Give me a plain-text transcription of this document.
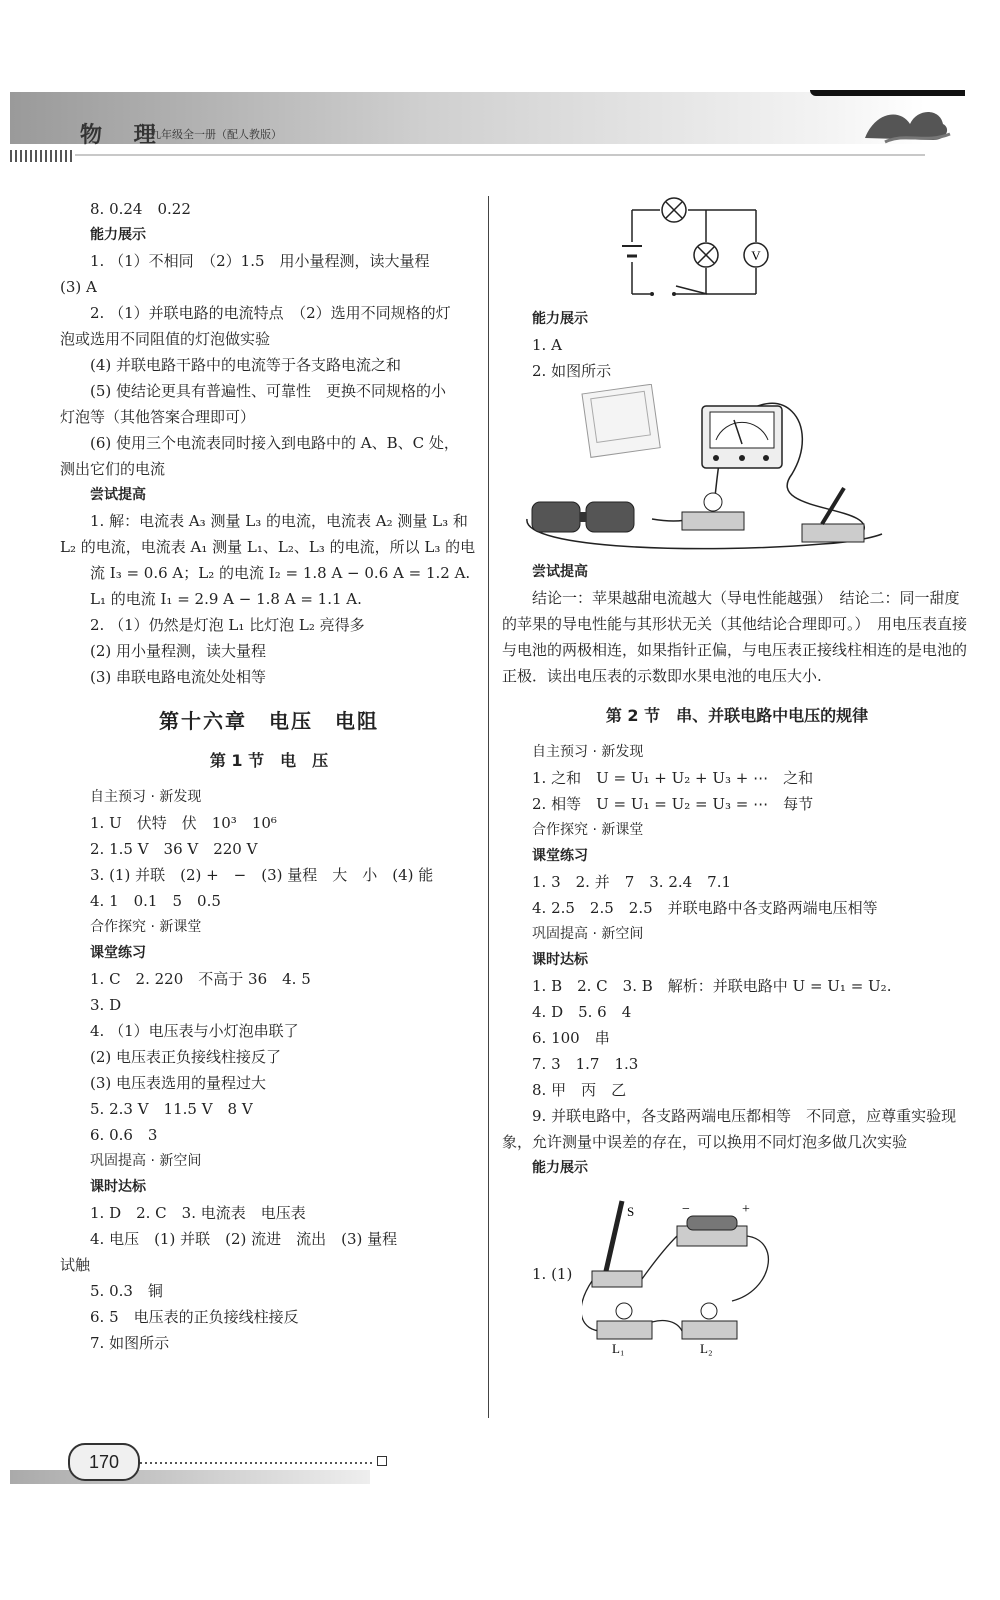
物 理
九年级全一册（配人教版）
8. 0.24　0.22
能力展示
1. （1）不相同　（2）1.5　用小量程测，读大量程
(3) A
2. （1）并联电路的电流特点　（2）选用不同规格的灯
泡或选用不同阻值的灯泡做实验
(4) 并联电路干路中的电流等于各支路电流之和
(5) 使结论更具有普遍性、可靠性　更换不同规格的小
灯泡等（其他答案合理即可）
(6) 使用三个电流表同时接入到电路中的 A、B、C 处，
测出它们的电流
尝试提高
1. 解：电流表 A₃ 测量 L₃ 的电流，电流表 A₂ 测量 L₃ 和
L₂ 的电流，电流表 A₁ 测量 L₁、L₂、L₃ 的电流，所以 L₃ 的电
流 I₃ = 0.6 A；L₂ 的电流 I₂ = 1.8 A − 0.6 A = 1.2 A.
L₁ 的电流 I₁ = 2.9 A − 1.8 A = 1.1 A.
2. （1）仍然是灯泡 L₁ 比灯泡 L₂ 亮得多
(2) 用小量程测，读大量程
(3) 串联电路电流处处相等
第十六章　电压　电阻
第 1 节　电　压
自主预习 · 新发现
1. U　伏特　伏　10³　10⁶
2. 1.5 V　36 V　220 V
3. (1) 并联　(2) +　−　(3) 量程　大　小　(4) 能
4. 1　0.1　5　0.5
合作探究 · 新课堂
课堂练习
1. C　2. 220　不高于 36　4. 5
3. D
4. （1）电压表与小灯泡串联了
(2) 电压表正负接线柱接反了
(3) 电压表选用的量程过大
5. 2.3 V　11.5 V　8 V
6. 0.6　3
巩固提高 · 新空间
课时达标
1. D　2. C　3. 电流表　电压表
4. 电压　(1) 并联　(2) 流进　流出　(3) 量程
试触
5. 0.3　铜
6. 5　电压表的正负接线柱接反
7. 如图所示
V
能力展示
1. A
2. 如图所示
尝试提高
结论一：苹果越甜电流越大（导电性能越强）　结论二：同一甜度的苹果的导电性能与其形状无关（其他结论合理即可。）　用电压表直接与电池的两极相连，如果指针正偏，与电压表正接线柱相连的是电池的正极．读出电压表的示数即水果电池的电压大小.
第 2 节　串、并联电路中电压的规律
自主预习 · 新发现
1. 之和　U = U₁ + U₂ + U₃ + ⋯　之和
2. 相等　U = U₁ = U₂ = U₃ = ⋯　每节
合作探究 · 新课堂
课堂练习
1. 3　2. 并　7　3. 2.4　7.1
4. 2.5　2.5　2.5　并联电路中各支路两端电压相等
巩固提高 · 新空间
课时达标
1. B　2. C　3. B　解析：并联电路中 U = U₁ = U₂.
4. D　5. 6　4
6. 100　串
7. 3　1.7　1.3
8. 甲　丙　乙
9. 并联电路中，各支路两端电压都相等　不同意，应尊重实验现象，允许测量中误差的存在，可以换用不同灯泡多做几次实验
能力展示
1. (1)
S	−	+
L₁	L₂
170
